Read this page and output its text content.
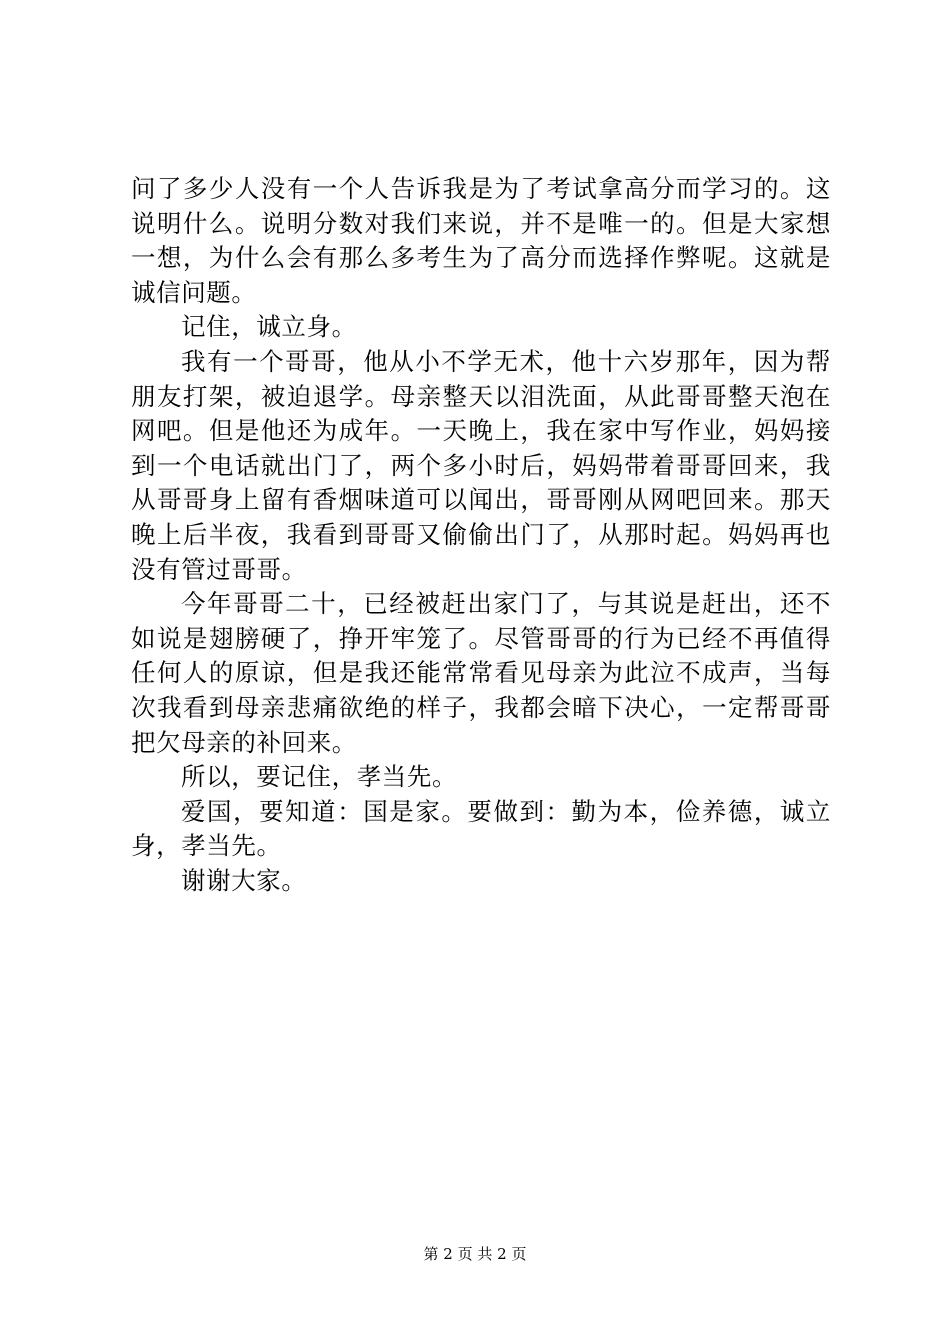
问了多少人没有一个人告诉我是为了考试拿高分而学习的。这说明什么。说明分数对我们来说，并不是唯一的。但是大家想一想，为什么会有那么多考生为了高分而选择作弊呢。这就是诚信问题。

记住，诚立身。

我有一个哥哥，他从小不学无术，他十六岁那年，因为帮朋友打架，被迫退学。母亲整天以泪洗面，从此哥哥整天泡在网吧。但是他还为成年。一天晚上，我在家中写作业，妈妈接到一个电话就出门了，两个多小时后，妈妈带着哥哥回来，我从哥哥身上留有香烟味道可以闻出，哥哥刚从网吧回来。那天晚上后半夜，我看到哥哥又偷偷出门了，从那时起。妈妈再也没有管过哥哥。

今年哥哥二十，已经被赶出家门了，与其说是赶出，还不如说是翅膀硬了，挣开牢笼了。尽管哥哥的行为已经不再值得任何人的原谅，但是我还能常常看见母亲为此泣不成声，当每次我看到母亲悲痛欲绝的样子，我都会暗下决心，一定帮哥哥把欠母亲的补回来。

所以，要记住，孝当先。

爱国，要知道：国是家。要做到：勤为本，俭养德，诚立身，孝当先。

谢谢大家。

第 2 页 共 2 页
